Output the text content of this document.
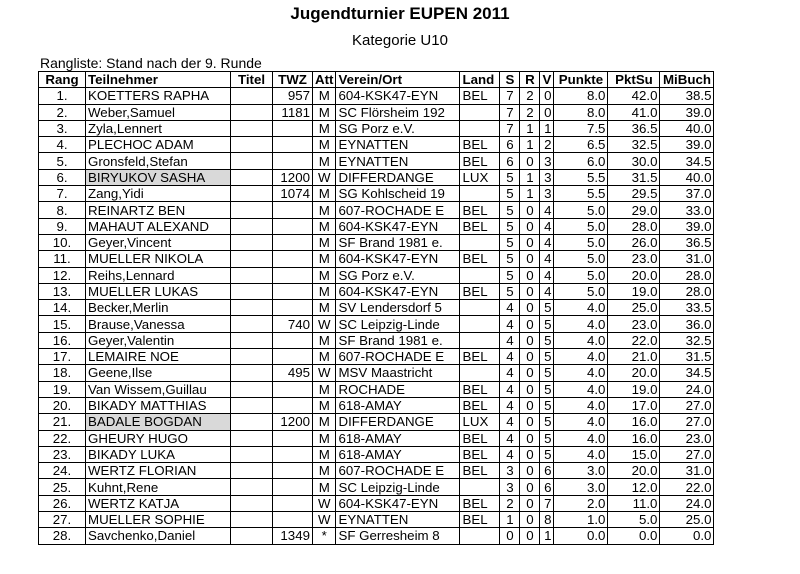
Jugendturnier EUPEN 2011
Kategorie U10
Rangliste: Stand nach der 9. Runde
Rang	Teilnehmer	Titel	TWZ	Att	Verein/Ort	Land	S	R	V	Punkte	PktSu	MiBuch
1.	KOETTERS RAPHA		957	M	604-KSK47-EYN	BEL	7	2	0	8.0	42.0	38.5
2.	Weber,Samuel		1181	M	SC Flörsheim 192		7	2	0	8.0	41.0	39.0
3.	Zyla,Lennert			M	SG Porz e.V.		7	1	1	7.5	36.5	40.0
4.	PLECHOC ADAM			M	EYNATTEN	BEL	6	1	2	6.5	32.5	39.0
5.	Gronsfeld,Stefan			M	EYNATTEN	BEL	6	0	3	6.0	30.0	34.5
6.	BIRYUKOV SASHA		1200	W	DIFFERDANGE	LUX	5	1	3	5.5	31.5	40.0
7.	Zang,Yidi		1074	M	SG Kohlscheid 19		5	1	3	5.5	29.5	37.0
8.	REINARTZ BEN			M	607-ROCHADE E	BEL	5	0	4	5.0	29.0	33.0
9.	MAHAUT ALEXAND			M	604-KSK47-EYN	BEL	5	0	4	5.0	28.0	39.0
10.	Geyer,Vincent			M	SF Brand 1981 e.		5	0	4	5.0	26.0	36.5
11.	MUELLER NIKOLA			M	604-KSK47-EYN	BEL	5	0	4	5.0	23.0	31.0
12.	Reihs,Lennard			M	SG Porz e.V.		5	0	4	5.0	20.0	28.0
13.	MUELLER LUKAS			M	604-KSK47-EYN	BEL	5	0	4	5.0	19.0	28.0
14.	Becker,Merlin			M	SV Lendersdorf 5		4	0	5	4.0	25.0	33.5
15.	Brause,Vanessa		740	W	SC Leipzig-Linde		4	0	5	4.0	23.0	36.0
16.	Geyer,Valentin			M	SF Brand 1981 e.		4	0	5	4.0	22.0	32.5
17.	LEMAIRE NOE			M	607-ROCHADE E	BEL	4	0	5	4.0	21.0	31.5
18.	Geene,Ilse		495	W	MSV Maastricht		4	0	5	4.0	20.0	34.5
19.	Van Wissem,Guillau			M	ROCHADE	BEL	4	0	5	4.0	19.0	24.0
20.	BIKADY MATTHIAS			M	618-AMAY	BEL	4	0	5	4.0	17.0	27.0
21.	BADALE BOGDAN		1200	M	DIFFERDANGE	LUX	4	0	5	4.0	16.0	27.0
22.	GHEURY HUGO			M	618-AMAY	BEL	4	0	5	4.0	16.0	23.0
23.	BIKADY LUKA			M	618-AMAY	BEL	4	0	5	4.0	15.0	27.0
24.	WERTZ FLORIAN			M	607-ROCHADE E	BEL	3	0	6	3.0	20.0	31.0
25.	Kuhnt,Rene			M	SC Leipzig-Linde		3	0	6	3.0	12.0	22.0
26.	WERTZ KATJA			W	604-KSK47-EYN	BEL	2	0	7	2.0	11.0	24.0
27.	MUELLER SOPHIE			W	EYNATTEN	BEL	1	0	8	1.0	5.0	25.0
28.	Savchenko,Daniel		1349	*	SF Gerresheim 8		0	0	1	0.0	0.0	0.0
